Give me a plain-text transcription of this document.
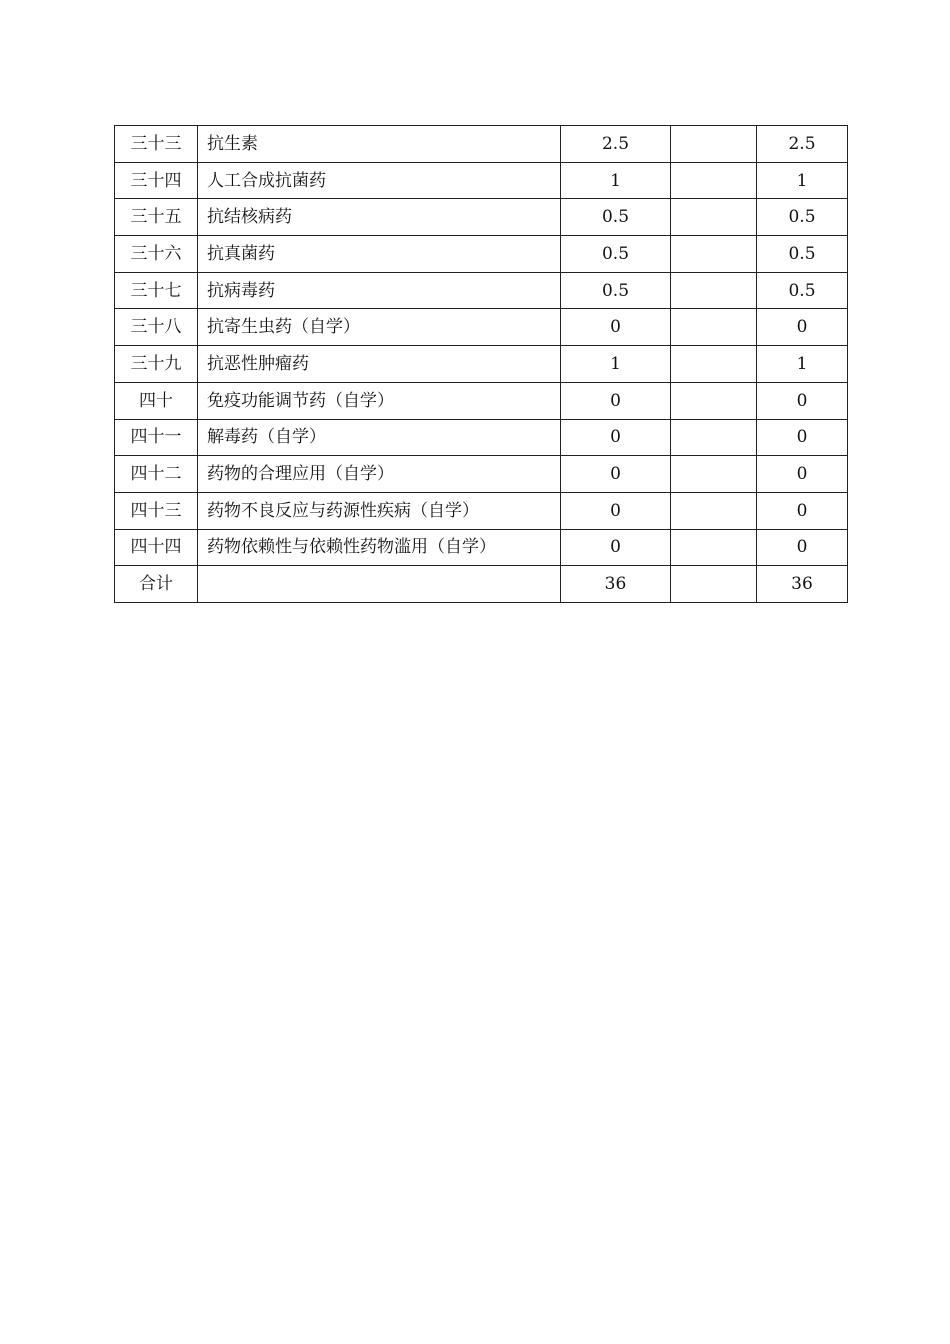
三十三	抗生素	2.5		2.5
三十四	人工合成抗菌药	1		1
三十五	抗结核病药	0.5		0.5
三十六	抗真菌药	0.5		0.5
三十七	抗病毒药	0.5		0.5
三十八	抗寄生虫药（自学）	0		0
三十九	抗恶性肿瘤药	1		1
四十	免疫功能调节药（自学）	0		0
四十一	解毒药（自学）	0		0
四十二	药物的合理应用（自学）	0		0
四十三	药物不良反应与药源性疾病（自学）	0		0
四十四	药物依赖性与依赖性药物滥用（自学）	0		0
合计		36		36
